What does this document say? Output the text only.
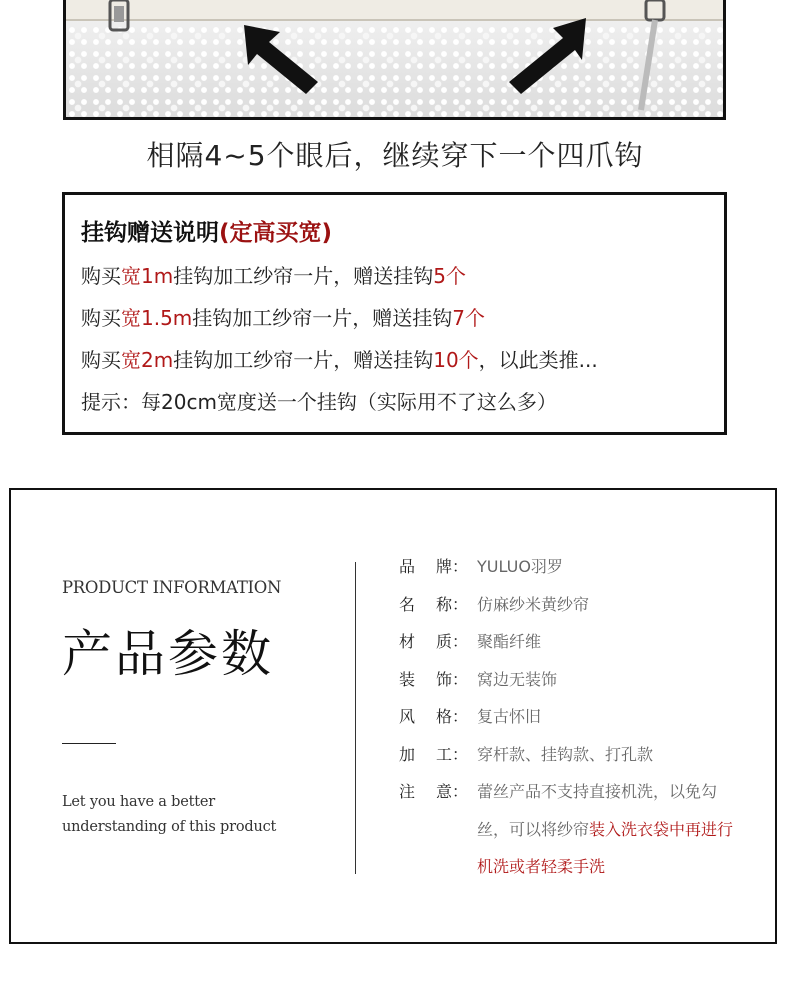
相隔4~5个眼后，继续穿下一个四爪钩
挂钩赠送说明(定高买宽)
购买宽1m挂钩加工纱帘一片，赠送挂钩5个
购买宽1.5m挂钩加工纱帘一片，赠送挂钩7个
购买宽2m挂钩加工纱帘一片，赠送挂钩10个，以此类推...
提示：每20cm宽度送一个挂钩（实际用不了这么多）
PRODUCT INFORMATION
产品参数
Let you have a better understanding of this product
品 牌： YULUO羽罗
名 称： 仿麻纱米黄纱帘
材 质： 聚酯纤维
装 饰： 窝边无装饰
风 格： 复古怀旧
加 工： 穿杆款、挂钩款、打孔款
注 意： 蕾丝产品不支持直接机洗，以免勾丝，可以将纱帘装入洗衣袋中再进行机洗或者轻柔手洗
